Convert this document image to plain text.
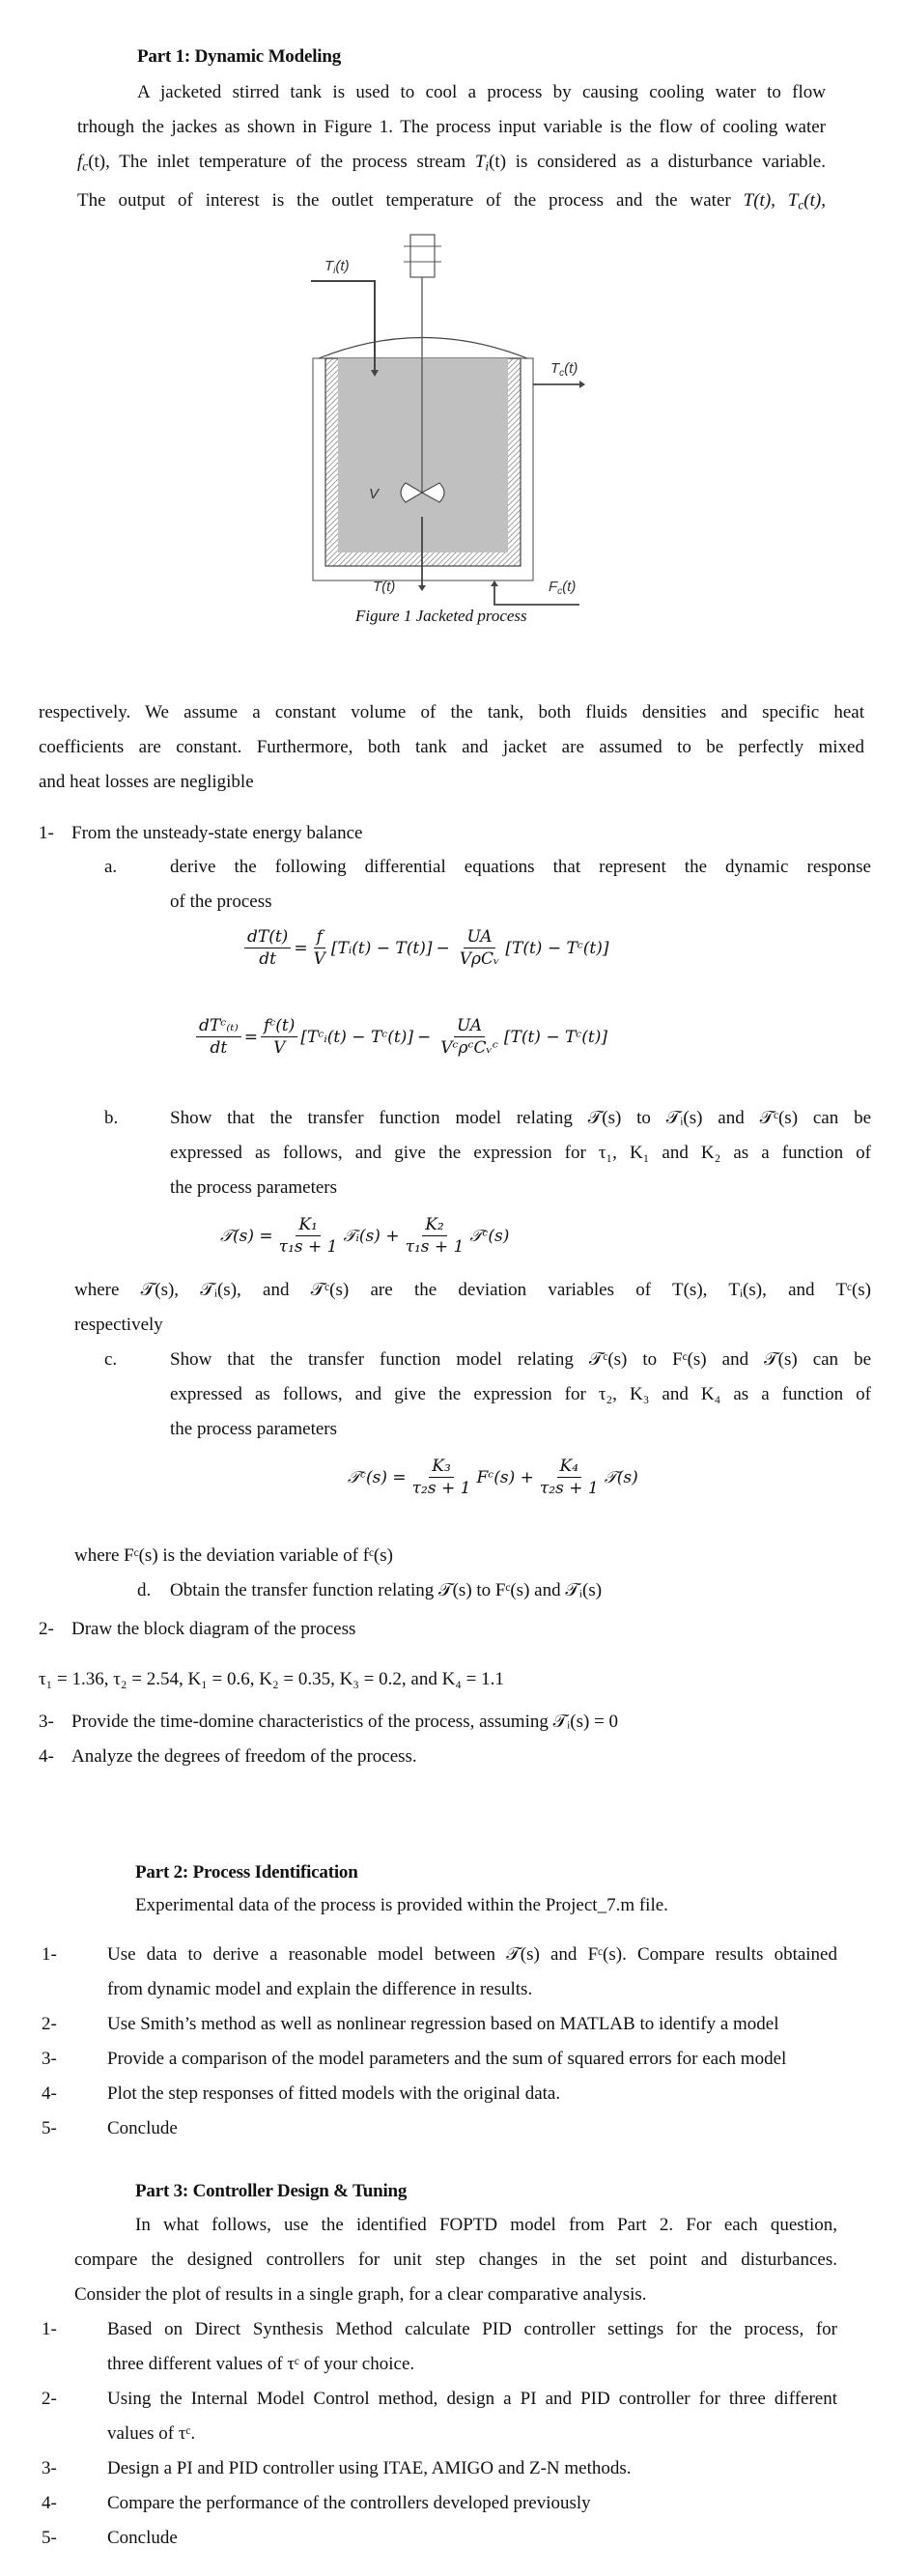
Part 1: Dynamic Modeling
A jacketed stirred tank is used to cool a process by causing cooling water to flow
trhough the jackes as shown in Figure 1. The process input variable is the flow of cooling water
$f_c(t)$, The inlet temperature of the process stream $T_i(t)$ is considered as a disturbance variable.
The output of interest is the outlet temperature of the process and the water T(t), $T_c(t)$,
$T_i(t)$
$T_c(t)$
V
T(t)	$F_c(t)$
Figure 1 Jacketed process
respectively. We assume a constant volume of the tank, both fluids densities and specific heat
coefficients are constant. Furthermore, both tank and jacket are assumed to be perfectly mixed
and heat losses are negligible
1- From the unsteady-state energy balance
a.	derive the following differential equations that represent the dynamic response
of the process
$\frac{dT(t)}{dt} = \frac{f}{V}$ [Tᵢ(t) − $T(t)] - \frac{UA}{\text{VρCᵥ}} [T(t)$ − Tᶜ(t)]
$\frac{\text{dTᶜ₍ₜ₎}}{dt} = \frac{\text{fᶜ(t)}}{V}$ [Tᶜᵢ(t) − Tᶜ(t)] − $\frac{UA}{\text{VᶜρᶜCᵥᶜ}} [T(t)$ − Tᶜ(t)]
b.	Show that the transfer function model relating 𝒯(s) to 𝒯ᵢ(s) and 𝒯ᶜ(s) can be
expressed as follows, and give the expression for τ₁, K₁ and K₂ as a function of
the process parameters
𝒯(s) = $\frac{\text{K₁}}{\text{τ₁s + 1}}$ 𝒯ᵢ(s) + $\frac{\text{K₂}}{\text{τ₁s + 1}}$ 𝒯ᶜ(s)
where 𝒯(s), 𝒯ᵢ(s), and 𝒯ᶜ(s) are the deviation variables of T(s), Tᵢ(s), and Tᶜ(s)
respectively
c.	Show that the transfer function model relating 𝒯ᶜ(s) to Fᶜ(s) and 𝒯(s) can be
expressed as follows, and give the expression for τ₂, K₃ and K₄ as a function of
the process parameters
𝒯ᶜ(s) = $\frac{\text{K₃}}{\text{τ₂s + 1}}$ Fᶜ(s) + $\frac{\text{K₄}}{\text{τ₂s + 1}}$ 𝒯(s)
where Fᶜ(s) is the deviation variable of fᶜ(s)
d. Obtain the transfer function relating 𝒯(s) to Fᶜ(s) and 𝒯ᵢ(s)
2- Draw the block diagram of the process
τ₁ = 1.36, τ₂ = 2.54, K₁ = 0.6, K₂ = 0.35, K₃ = 0.2, and K₄ = 1.1
3- Provide the time-domine characteristics of the process, assuming 𝒯ᵢ(s) = 0
4- Analyze the degrees of freedom of the process.
Part 2: Process Identification
Experimental data of the process is provided within the Project_7.m file.
1-	Use data to derive a reasonable model between 𝒯(s) and Fᶜ(s). Compare results obtained
from dynamic model and explain the difference in results.
2-	Use Smith’s method as well as nonlinear regression based on MATLAB to identify a model
3-	Provide a comparison of the model parameters and the sum of squared errors for each model
4-	Plot the step responses of fitted models with the original data.
5-	Conclude
Part 3: Controller Design & Tuning
In what follows, use the identified FOPTD model from Part 2. For each question,
compare the designed controllers for unit step changes in the set point and disturbances.
Consider the plot of results in a single graph, for a clear comparative analysis.
1-	Based on Direct Synthesis Method calculate PID controller settings for the process, for
three different values of τᶜ of your choice.
2-	Using the Internal Model Control method, design a PI and PID controller for three different
values of τᶜ.
3-	Design a PI and PID controller using ITAE, AMIGO and Z-N methods.
4-	Compare the performance of the controllers developed previously
5-	Conclude
